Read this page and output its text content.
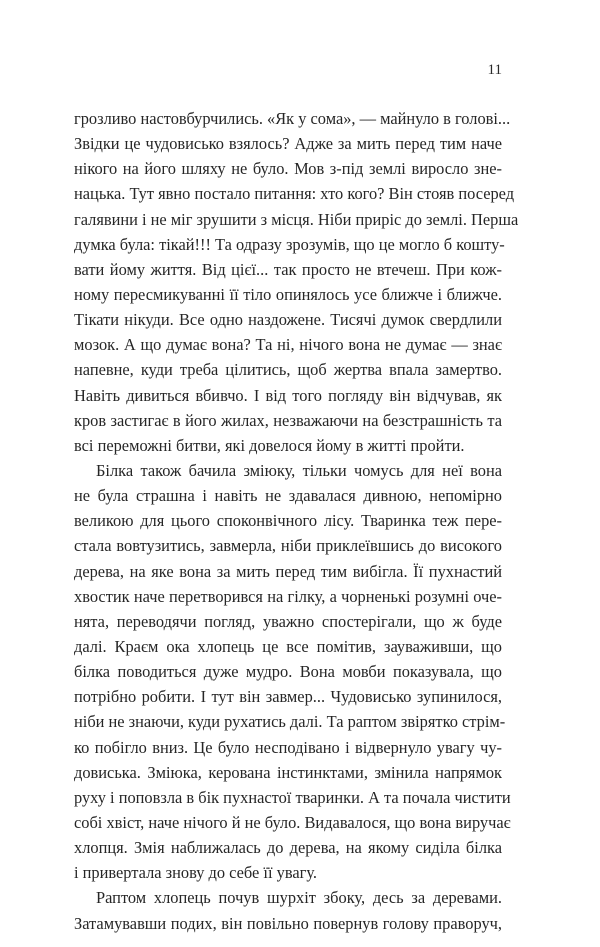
11
грозливо настовбурчились. «Як у сома», — майнуло в голові...
Звідки це чудовисько взялось? Адже за мить перед тим наче
нікого на його шляху не було. Мов з-під землі виросло зне-
нацька. Тут явно постало питання: хто кого? Він стояв посеред
галявини і не міг зрушити з місця. Ніби приріс до землі. Перша
думка була: тікай!!! Та одразу зрозумів, що це могло б кошту-
вати йому життя. Від цієї... так просто не втечеш. При кож-
ному пересмикуванні її тіло опинялось усе ближче і ближче.
Тікати нікуди. Все одно наздожене. Тисячі думок свердлили
мозок. А що думає вона? Та ні, нічого вона не думає — знає
напевне, куди треба цілитись, щоб жертва впала замертво.
Навіть дивиться вбивчо. І від того погляду він відчував, як
кров застигає в його жилах, незважаючи на безстрашність та
всі переможні битви, які довелося йому в житті пройти.
Білка також бачила зміюку, тільки чомусь для неї вона
не була страшна і навіть не здавалася дивною, непомірно
великою для цього споконвічного лісу. Тваринка теж пере-
стала вовтузитись, завмерла, ніби приклеївшись до високого
дерева, на яке вона за мить перед тим вибігла. Її пухнастий
хвостик наче перетворився на гілку, а чорненькі розумні оче-
нята, переводячи погляд, уважно спостерігали, що ж буде
далі. Краєм ока хлопець це все помітив, зауваживши, що
білка поводиться дуже мудро. Вона мовби показувала, що
потрібно робити. І тут він завмер... Чудовисько зупинилося,
ніби не знаючи, куди рухатись далі. Та раптом звірятко стрім-
ко побігло вниз. Це було несподівано і відвернуло увагу чу-
довиська. Змiюка, керована інстинктами, змінила напрямок
руху і поповзла в бік пухнастої тваринки. А та почала чистити
собі хвіст, наче нічого й не було. Видавалося, що вона виручає
хлопця. Змія наближалась до дерева, на якому сиділа білка
і привертала знову до себе її увагу.
Раптом хлопець почув шурхіт збоку, десь за деревами.
Затамувавши подих, він повільно повернув голову праворуч,
